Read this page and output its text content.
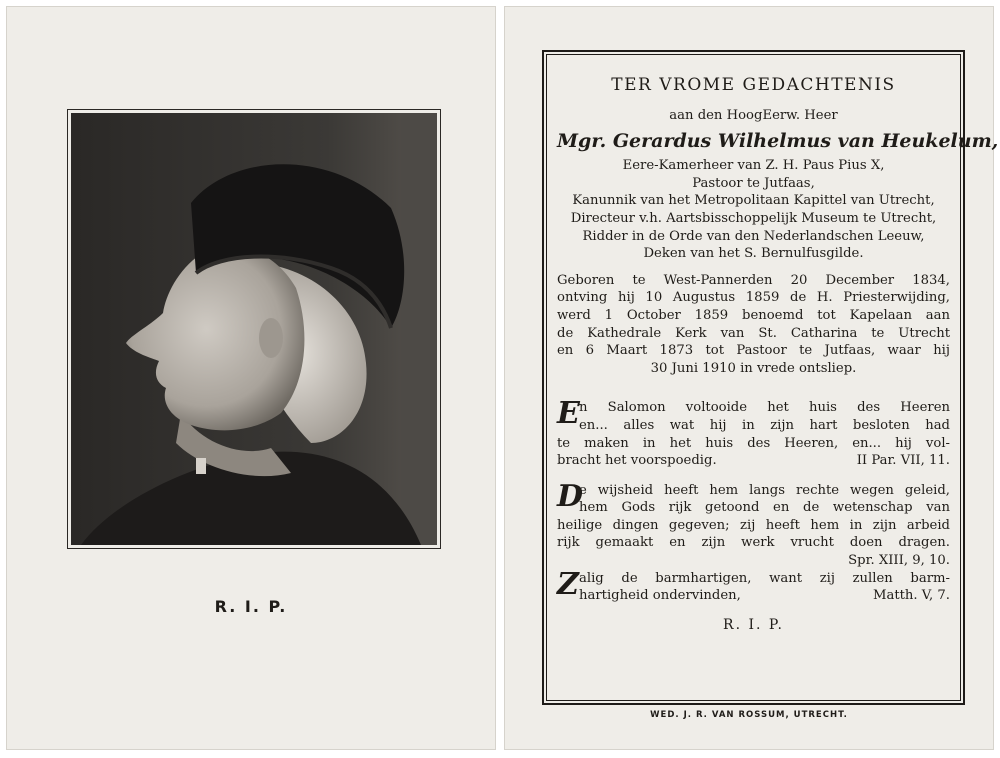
R. I. P.
TER VROME GEDACHTENIS
aan den HoogEerw. Heer
Mgr. Gerardus Wilhelmus van Heukelum,
Eere-Kamerheer van Z. H. Paus Pius X,
Pastoor te Jutfaas,
Kanunnik van het Metropolitaan Kapittel van Utrecht,
Directeur v.h. Aartsbisschoppelijk Museum te Utrecht,
Ridder in de Orde van den Nederlandschen Leeuw,
Deken van het S. Bernulfusgilde.
Geboren te West-Pannerden 20 December 1834,
ontving hij 10 Augustus 1859 de H. Priesterwijding,
werd 1 October 1859 benoemd tot Kapelaan aan
de Kathedrale Kerk van St. Catharina te Utrecht
en 6 Maart 1873 tot Pastoor te Jutfaas, waar hij
30 Juni 1910 in vrede ontsliep.
E n Salomon voltooide het huis des Heeren
en... alles wat hij in zijn hart besloten had
te maken in het huis des Heeren, en... hij vol-
bracht het voorspoedig.	II Par. VII, 11.
D
e wijsheid heeft hem langs rechte wegen geleid,
hem Gods rijk getoond en de wetenschap van
heilige dingen gegeven; zij heeft hem in zijn arbeid
rijk gemaakt en zijn werk vrucht doen dragen.
Spr. XIII, 9, 10.
Z alig de barmhartigen, want zij zullen barm-
hartigheid ondervinden,	Matth. V, 7.
R. I. P.
WED. J. R. VAN ROSSUM, UTRECHT.
